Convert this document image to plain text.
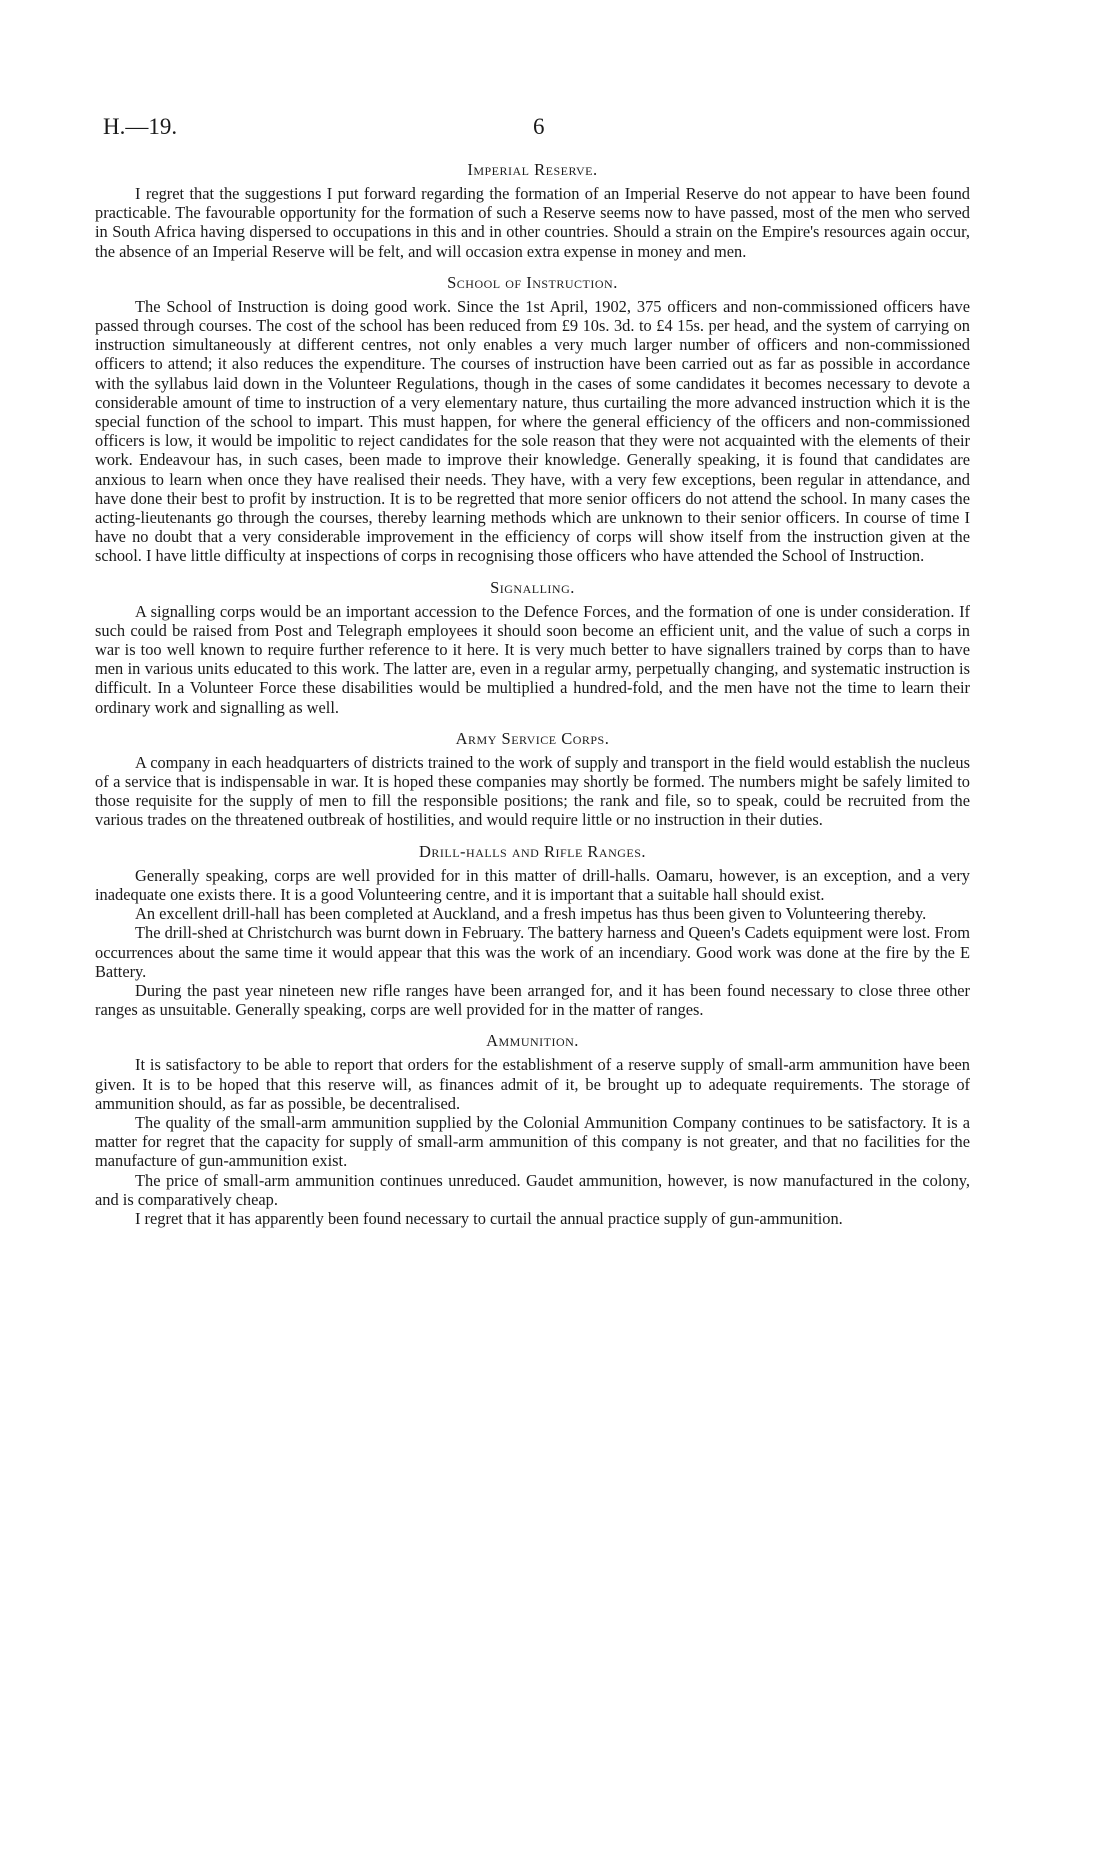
H.—19.	6
Imperial Reserve.

I regret that the suggestions I put forward regarding the formation of an Imperial Reserve do not appear to have been found practicable. The favourable opportunity for the formation of such a Reserve seems now to have passed, most of the men who served in South Africa having dispersed to occupations in this and in other countries. Should a strain on the Empire's resources again occur, the absence of an Imperial Reserve will be felt, and will occasion extra expense in money and men.

School of Instruction.

The School of Instruction is doing good work. Since the 1st April, 1902, 375 officers and non-commissioned officers have passed through courses. The cost of the school has been reduced from £9 10s. 3d. to £4 15s. per head, and the system of carrying on instruction simultaneously at different centres, not only enables a very much larger number of officers and non-commissioned officers to attend; it also reduces the expenditure. The courses of instruction have been carried out as far as possible in accordance with the syllabus laid down in the Volunteer Regulations, though in the cases of some candidates it becomes necessary to devote a considerable amount of time to instruction of a very elementary nature, thus curtailing the more advanced instruction which it is the special function of the school to impart. This must happen, for where the general efficiency of the officers and non-commissioned officers is low, it would be impolitic to reject candidates for the sole reason that they were not acquainted with the elements of their work. Endeavour has, in such cases, been made to improve their knowledge. Generally speaking, it is found that candidates are anxious to learn when once they have realised their needs. They have, with a very few exceptions, been regular in attendance, and have done their best to profit by instruction. It is to be regretted that more senior officers do not attend the school. In many cases the acting-lieutenants go through the courses, thereby learning methods which are unknown to their senior officers. In course of time I have no doubt that a very considerable improvement in the efficiency of corps will show itself from the instruction given at the school. I have little difficulty at inspections of corps in recognising those officers who have attended the School of Instruction.

Signalling.

A signalling corps would be an important accession to the Defence Forces, and the formation of one is under consideration. If such could be raised from Post and Telegraph employees it should soon become an efficient unit, and the value of such a corps in war is too well known to require further reference to it here. It is very much better to have signallers trained by corps than to have men in various units educated to this work. The latter are, even in a regular army, perpetually changing, and systematic instruction is difficult. In a Volunteer Force these disabilities would be multiplied a hundred-fold, and the men have not the time to learn their ordinary work and signalling as well.

Army Service Corps.

A company in each headquarters of districts trained to the work of supply and transport in the field would establish the nucleus of a service that is indispensable in war. It is hoped these companies may shortly be formed. The numbers might be safely limited to those requisite for the supply of men to fill the responsible positions; the rank and file, so to speak, could be recruited from the various trades on the threatened outbreak of hostilities, and would require little or no instruction in their duties.

Drill-halls and Rifle Ranges.

Generally speaking, corps are well provided for in this matter of drill-halls. Oamaru, however, is an exception, and a very inadequate one exists there. It is a good Volunteering centre, and it is important that a suitable hall should exist.

An excellent drill-hall has been completed at Auckland, and a fresh impetus has thus been given to Volunteering thereby.

The drill-shed at Christchurch was burnt down in February. The battery harness and Queen's Cadets equipment were lost. From occurrences about the same time it would appear that this was the work of an incendiary. Good work was done at the fire by the E Battery.

During the past year nineteen new rifle ranges have been arranged for, and it has been found necessary to close three other ranges as unsuitable. Generally speaking, corps are well provided for in the matter of ranges.

Ammunition.

It is satisfactory to be able to report that orders for the establishment of a reserve supply of small-arm ammunition have been given. It is to be hoped that this reserve will, as finances admit of it, be brought up to adequate requirements. The storage of ammunition should, as far as possible, be decentralised.

The quality of the small-arm ammunition supplied by the Colonial Ammunition Company continues to be satisfactory. It is a matter for regret that the capacity for supply of small-arm ammunition of this company is not greater, and that no facilities for the manufacture of gun-ammunition exist.

The price of small-arm ammunition continues unreduced. Gaudet ammunition, however, is now manufactured in the colony, and is comparatively cheap.

I regret that it has apparently been found necessary to curtail the annual practice supply of gun-ammunition.
